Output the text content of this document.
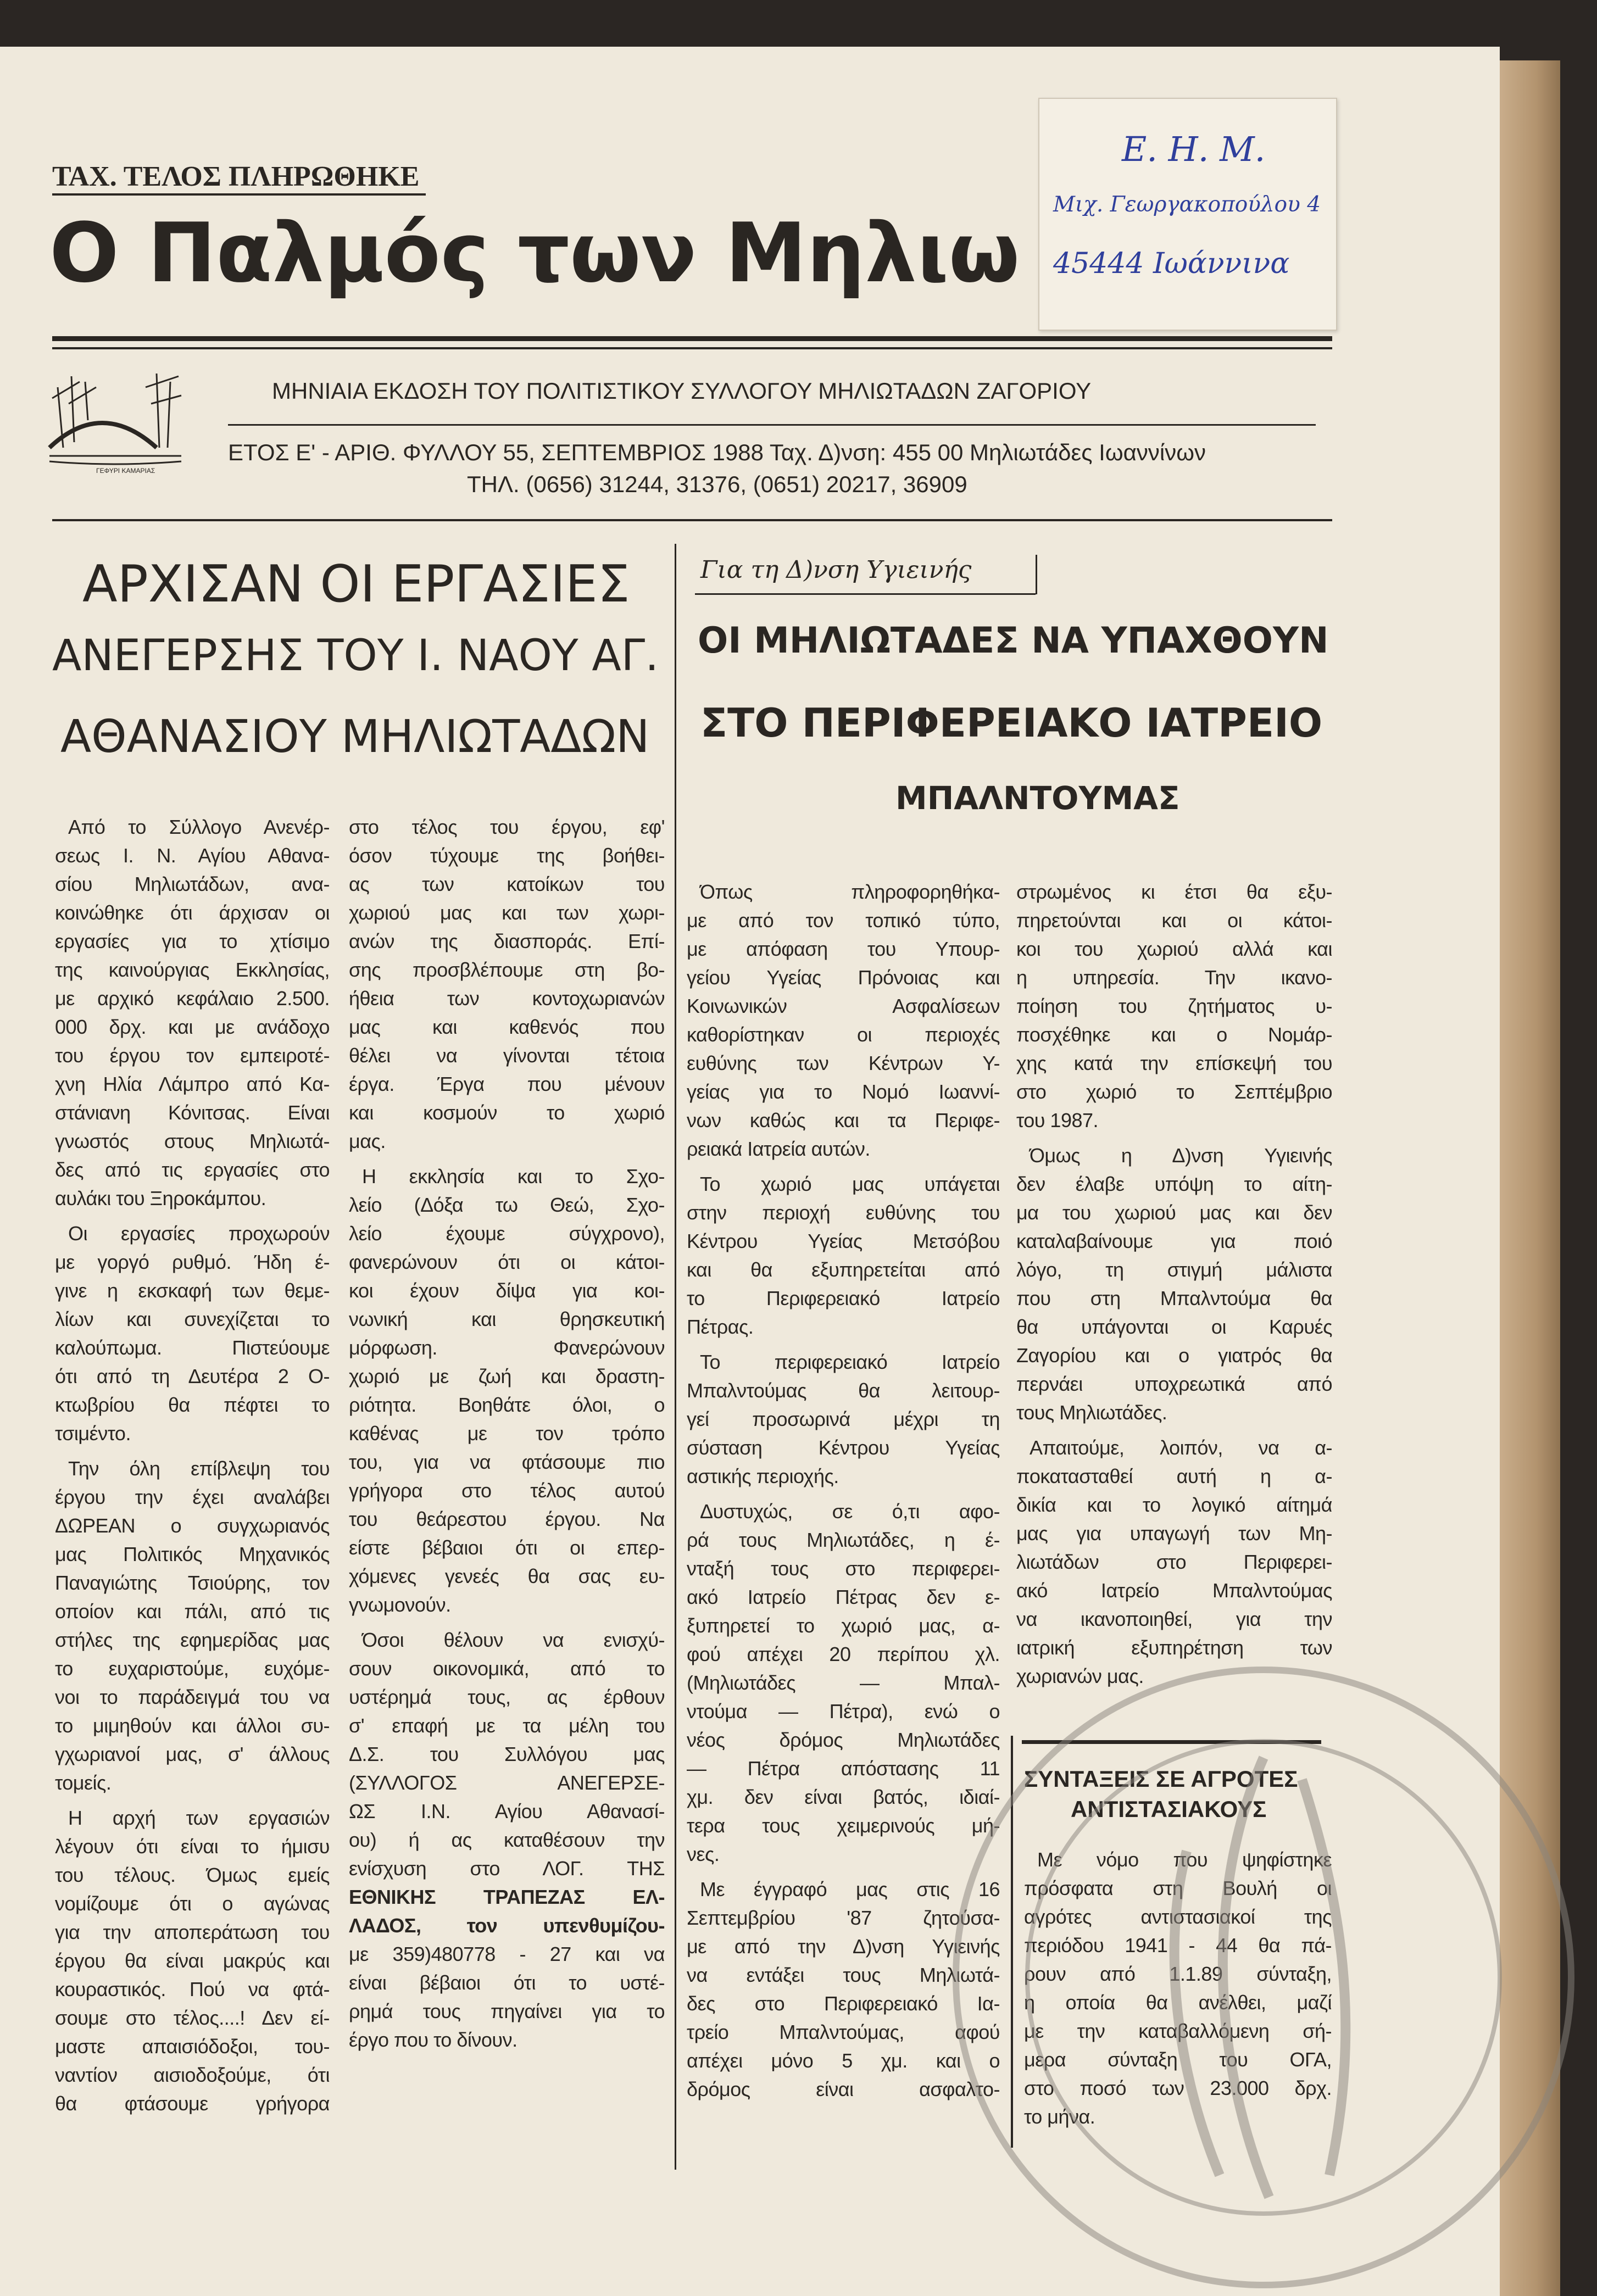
ΤΑΧ. ΤΕΛΟΣ ΠΛΗΡΩΘΗΚΕ
Ο Παλμός των Μηλιω
Ε. Η. Μ.
Μιχ. Γεωργακοπούλου 4
45444 Ιωάννινα
ΓΕΦΥΡΙ ΚΑΜΑΡΙΑΣ
ΜΗΝΙΑΙΑ ΕΚΔΟΣΗ ΤΟΥ ΠΟΛΙΤΙΣΤΙΚΟΥ ΣΥΛΛΟΓΟΥ ΜΗΛΙΩΤΑΔΩΝ ΖΑΓΟΡΙΟΥ
ΕΤΟΣ Ε' - ΑΡΙΘ. ΦΥΛΛΟΥ 55, ΣΕΠΤΕΜΒΡΙΟΣ 1988 Ταχ. Δ)νση: 455 00 Μηλιωτάδες Ιωαννίνων
ΤΗΛ. (0656) 31244, 31376, (0651) 20217, 36909
ΑΡΧΙΣΑΝ ΟΙ ΕΡΓΑΣΙΕΣ
ΑΝΕΓΕΡΣΗΣ ΤΟΥ Ι. ΝΑΟΥ ΑΓ.
ΑΘΑΝΑΣΙΟΥ ΜΗΛΙΩΤΑΔΩΝ
Από το Σύλλογο Ανενέρ-
σεως Ι. Ν. Αγίου Αθανα-
σίου Μηλιωτάδων, ανα-
κοινώθηκε ότι άρχισαν οι
εργασίες για το χτίσιμο
της καινούργιας Εκκλησίας,
με αρχικό κεφάλαιο 2.500.
000 δρχ. και με ανάδοχο
του έργου τον εμπειροτέ-
χνη Ηλία Λάμπρο από Κα-
στάνιανη Κόνιτσας. Είναι
γνωστός στους Μηλιωτά-
δες από τις εργασίες στο
αυλάκι του Ξηροκάμπου.
Οι εργασίες προχωρούν
με γοργό ρυθμό. Ήδη έ-
γινε η εκσκαφή των θεμε-
λίων και συνεχίζεται το
καλούπωμα. Πιστεύουμε
ότι από τη Δευτέρα 2 Ο-
κτωβρίου θα πέφτει το
τσιμέντο.
Την όλη επίβλεψη του
έργου την έχει αναλάβει
ΔΩΡΕΑΝ ο συγχωριανός
μας Πολιτικός Μηχανικός
Παναγιώτης Τσιούρης, τον
οποίον και πάλι, από τις
στήλες της εφημερίδας μας
το ευχαριστούμε, ευχόμε-
νοι το παράδειγμά του να
το μιμηθούν και άλλοι συ-
γχωριανοί μας, σ' άλλους
τομείς.
Η αρχή των εργασιών
λέγουν ότι είναι το ήμισυ
του τέλους. Όμως εμείς
νομίζουμε ότι ο αγώνας
για την αποπεράτωση του
έργου θα είναι μακρύς και
κουραστικός. Πού να φτά-
σουμε στο τέλος....! Δεν εί-
μαστε απαισιόδοξοι, του-
ναντίον αισιοδοξούμε, ότι
θα φτάσουμε γρήγορα
στο τέλος του έργου, εφ'
όσον τύχουμε της βοήθει-
ας των κατοίκων του
χωριού μας και των χωρι-
ανών της διασποράς. Επί-
σης προσβλέπουμε στη βο-
ήθεια των κοντοχωριανών
μας και καθενός που
θέλει να γίνονται τέτοια
έργα. Έργα που μένουν
και κοσμούν το χωριό
μας.
Η εκκλησία και το Σχο-
λείο (Δόξα τω Θεώ, Σχο-
λείο έχουμε σύγχρονο),
φανερώνουν ότι οι κάτοι-
κοι έχουν δίψα για κοι-
νωνική και θρησκευτική
μόρφωση. Φανερώνουν
χωριό με ζωή και δραστη-
ριότητα. Βοηθάτε όλοι, ο
καθένας με τον τρόπο
του, για να φτάσουμε πιο
γρήγορα στο τέλος αυτού
του θεάρεστου έργου. Να
είστε βέβαιοι ότι οι επερ-
χόμενες γενεές θα σας ευ-
γνωμονούν.
Όσοι θέλουν να ενισχύ-
σουν οικονομικά, από το
υστέρημά τους, ας έρθουν
σ' επαφή με τα μέλη του
Δ.Σ. του Συλλόγου μας
(ΣΥΛΛΟΓΟΣ ΑΝΕΓΕΡΣΕ-
ΩΣ Ι.Ν. Αγίου Αθανασί-
ου) ή ας καταθέσουν την
ενίσχυση στο ΛΟΓ. ΤΗΣ
ΕΘΝΙΚΗΣ ΤΡΑΠΕΖΑΣ ΕΛ-
ΛΑΔΟΣ, τον υπενθυμίζου-
με 359)480778 - 27 και να
είναι βέβαιοι ότι το υστέ-
ρημά τους πηγαίνει για το
έργο που το δίνουν.
Για τη Δ)νση Υγιεινής
ΟΙ ΜΗΛΙΩΤΑΔΕΣ ΝΑ ΥΠΑΧΘΟΥΝ
ΣΤΟ ΠΕΡΙΦΕΡΕΙΑΚΟ ΙΑΤΡΕΙΟ
ΜΠΑΛΝΤΟΥΜΑΣ
Όπως πληροφορηθήκα-
με από τον τοπικό τύπο,
με απόφαση του Υπουρ-
γείου Υγείας Πρόνοιας και
Κοινωνικών Ασφαλίσεων
καθορίστηκαν οι περιοχές
ευθύνης των Κέντρων Υ-
γείας για το Νομό Ιωαννί-
νων καθώς και τα Περιφε-
ρειακά Ιατρεία αυτών.
Το χωριό μας υπάγεται
στην περιοχή ευθύνης του
Κέντρου Υγείας Μετσόβου
και θα εξυπηρετείται από
το Περιφερειακό Ιατρείο
Πέτρας.
Το περιφερειακό Ιατρείο
Μπαλντούμας θα λειτουρ-
γεί προσωρινά μέχρι τη
σύσταση Κέντρου Υγείας
αστικής περιοχής.
Δυστυχώς, σε ό,τι αφο-
ρά τους Μηλιωτάδες, η έ-
νταξή τους στο περιφερει-
ακό Ιατρείο Πέτρας δεν ε-
ξυπηρετεί το χωριό μας, α-
φού απέχει 20 περίπου χλ.
(Μηλιωτάδες — Μπαλ-
ντούμα — Πέτρα), ενώ ο
νέος δρόμος Μηλιωτάδες
— Πέτρα απόστασης 11
χμ. δεν είναι βατός, ιδιαί-
τερα τους χειμερινούς μή-
νες.
Με έγγραφό μας στις 16
Σεπτεμβρίου '87 ζητούσα-
με από την Δ)νση Υγιεινής
να εντάξει τους Μηλιωτά-
δες στο Περιφερειακό Ια-
τρείο Μπαλντούμας, αφού
απέχει μόνο 5 χμ. και ο
δρόμος είναι ασφαλτο-
στρωμένος κι έτσι θα εξυ-
πηρετούνται και οι κάτοι-
κοι του χωριού αλλά και
η υπηρεσία. Την ικανο-
ποίηση του ζητήματος υ-
ποσχέθηκε και ο Νομάρ-
χης κατά την επίσκεψή του
στο χωριό το Σεπτέμβριο
του 1987.
Όμως η Δ)νση Υγιεινής
δεν έλαβε υπόψη το αίτη-
μα του χωριού μας και δεν
καταλαβαίνουμε για ποιό
λόγο, τη στιγμή μάλιστα
που στη Μπαλντούμα θα
θα υπάγονται οι Καρυές
Ζαγορίου και ο γιατρός θα
περνάει υποχρεωτικά από
τους Μηλιωτάδες.
Απαιτούμε, λοιπόν, να α-
ποκατασταθεί αυτή η α-
δικία και το λογικό αίτημά
μας για υπαγωγή των Μη-
λιωτάδων στο Περιφερει-
ακό Ιατρείο Μπαλντούμας
να ικανοποιηθεί, για την
ιατρική εξυπηρέτηση των
χωριανών μας.
ΣΥΝΤΑΞΕΙΣ ΣΕ ΑΓΡΟΤΕΣ
ΑΝΤΙΣΤΑΣΙΑΚΟΥΣ
Με νόμο που ψηφίστηκε
πρόσφατα στη Βουλή οι
αγρότες αντιστασιακοί της
περιόδου 1941 - 44 θα πά-
ρουν από 1.1.89 σύνταξη,
η οποία θα ανέλθει, μαζί
με την καταβαλλόμενη σή-
μερα σύνταξη του ΟΓΑ,
στο ποσό των 23.000 δρχ.
το μήνα.
